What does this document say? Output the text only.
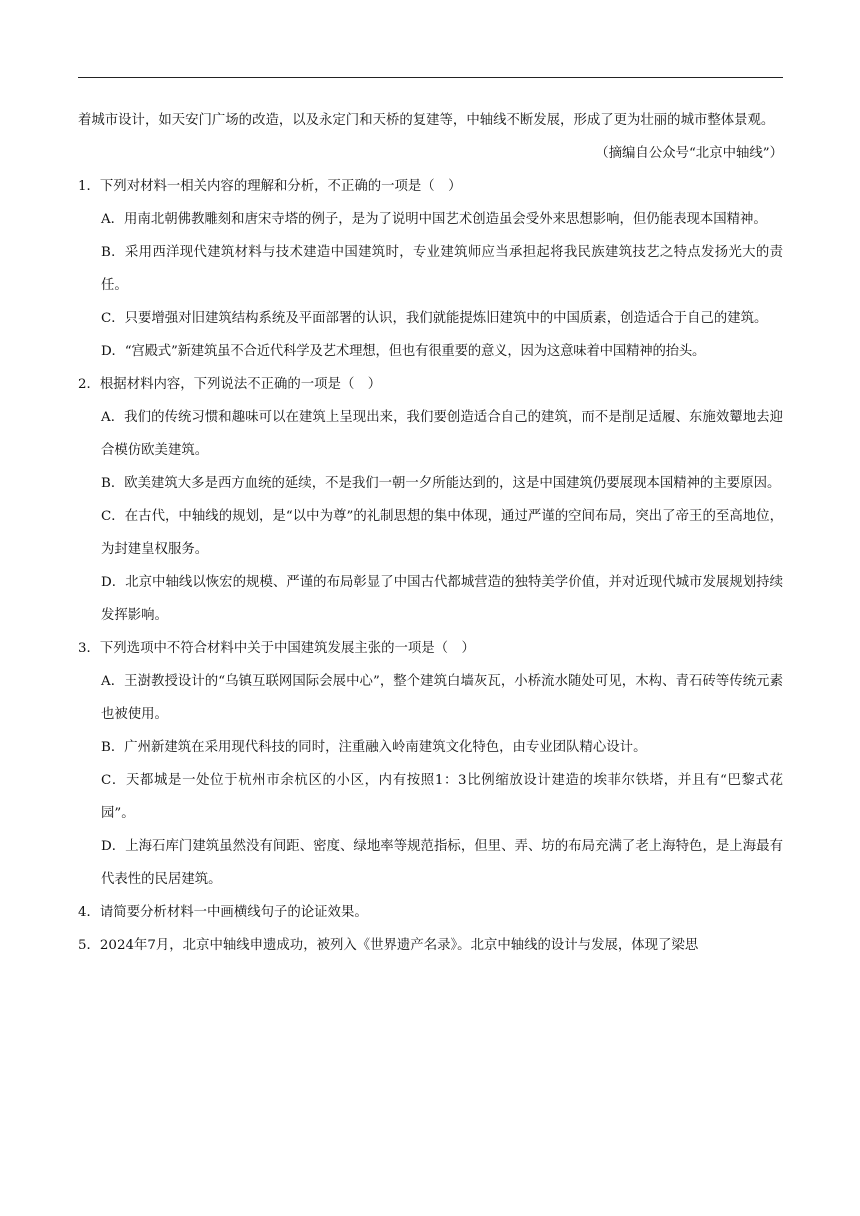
着城市设计，如天安门广场的改造，以及永定门和天桥的复建等，中轴线不断发展，形成了更为壮丽的城市整体景观。

（摘编自公众号“北京中轴线”）

1．下列对材料一相关内容的理解和分析，不正确的一项是（　）

A．用南北朝佛教雕刻和唐宋寺塔的例子，是为了说明中国艺术创造虽会受外来思想影响，但仍能表现本国精神。

B．采用西洋现代建筑材料与技术建造中国建筑时，专业建筑师应当承担起将我民族建筑技艺之特点发扬光大的责任。

C．只要增强对旧建筑结构系统及平面部署的认识，我们就能提炼旧建筑中的中国质素，创造适合于自己的建筑。

D．“宫殿式”新建筑虽不合近代科学及艺术理想，但也有很重要的意义，因为这意味着中国精神的抬头。

2．根据材料内容，下列说法不正确的一项是（　）

A．我们的传统习惯和趣味可以在建筑上呈现出来，我们要创造适合自己的建筑，而不是削足适履、东施效颦地去迎合模仿欧美建筑。

B．欧美建筑大多是西方血统的延续，不是我们一朝一夕所能达到的，这是中国建筑仍要展现本国精神的主要原因。

C．在古代，中轴线的规划，是“以中为尊”的礼制思想的集中体现，通过严谨的空间布局，突出了帝王的至高地位，为封建皇权服务。

D．北京中轴线以恢宏的规模、严谨的布局彰显了中国古代都城营造的独特美学价值，并对近现代城市发展规划持续发挥影响。

3．下列选项中不符合材料中关于中国建筑发展主张的一项是（　）

A．王澍教授设计的“乌镇互联网国际会展中心”，整个建筑白墙灰瓦，小桥流水随处可见，木构、青石砖等传统元素也被使用。

B．广州新建筑在采用现代科技的同时，注重融入岭南建筑文化特色，由专业团队精心设计。

C．天都城是一处位于杭州市余杭区的小区，内有按照1：3比例缩放设计建造的埃菲尔铁塔，并且有“巴黎式花园”。

D．上海石库门建筑虽然没有间距、密度、绿地率等规范指标，但里、弄、坊的布局充满了老上海特色，是上海最有代表性的民居建筑。

4．请简要分析材料一中画横线句子的论证效果。

5．2024年7月，北京中轴线申遗成功，被列入《世界遗产名录》。北京中轴线的设计与发展，体现了梁思
